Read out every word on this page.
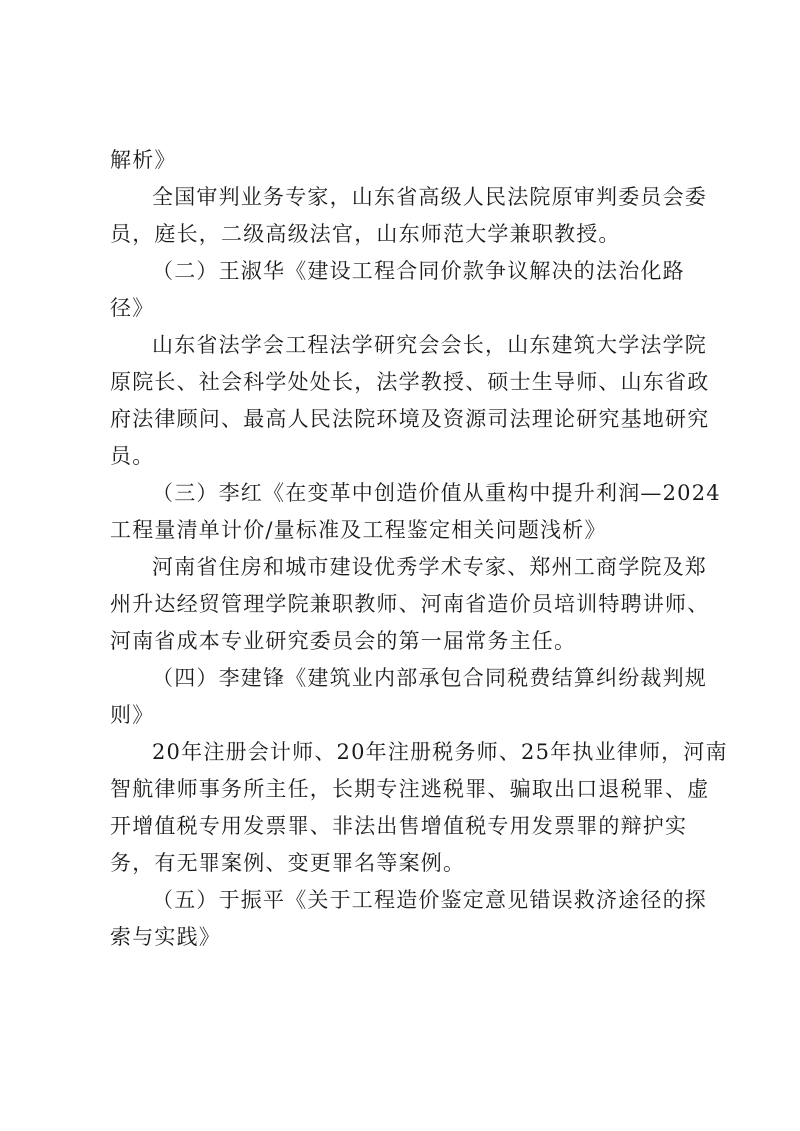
解析》

全国审判业务专家，山东省高级人民法院原审判委员会委

员，庭长，二级高级法官，山东师范大学兼职教授。

（二）王淑华《建设工程合同价款争议解决的法治化路

径》

山东省法学会工程法学研究会会长，山东建筑大学法学院

原院长、社会科学处处长，法学教授、硕士生导师、山东省政

府法律顾问、最高人民法院环境及资源司法理论研究基地研究

员。

（三）李红《在变革中创造价值从重构中提升利润—2024

工程量清单计价/量标准及工程鉴定相关问题浅析》

河南省住房和城市建设优秀学术专家、郑州工商学院及郑

州升达经贸管理学院兼职教师、河南省造价员培训特聘讲师、

河南省成本专业研究委员会的第一届常务主任。

（四）李建锋《建筑业内部承包合同税费结算纠纷裁判规

则》

20年注册会计师、20年注册税务师、25年执业律师，河南

智航律师事务所主任，长期专注逃税罪、骗取出口退税罪、虚

开增值税专用发票罪、非法出售增值税专用发票罪的辩护实

务，有无罪案例、变更罪名等案例。

（五）于振平《关于工程造价鉴定意见错误救济途径的探

索与实践》
